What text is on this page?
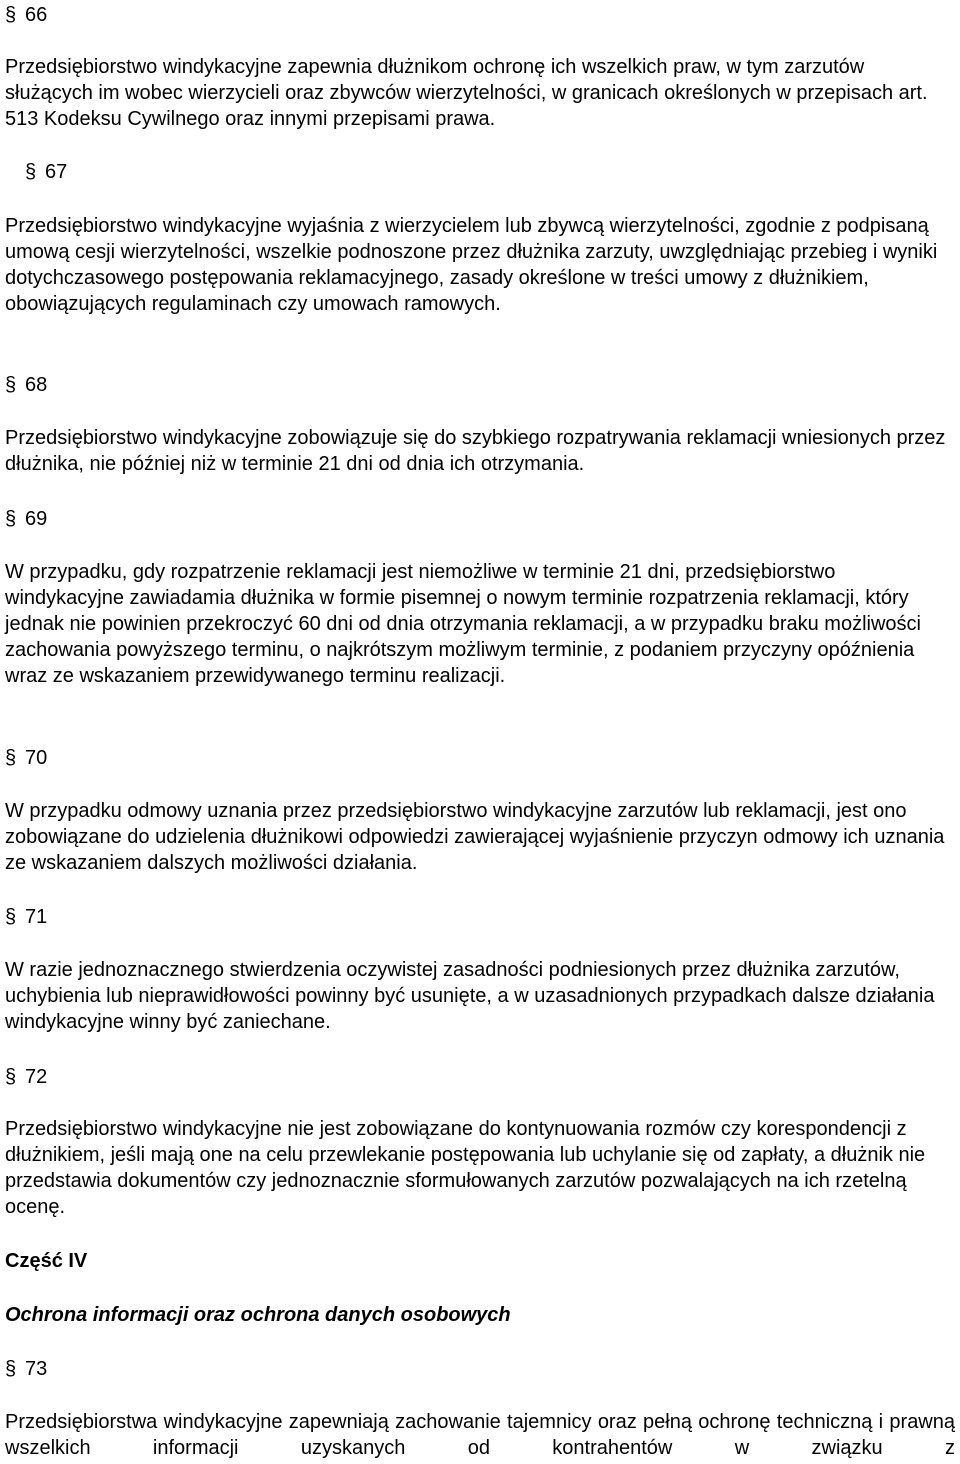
§ 66

Przedsiębiorstwo windykacyjne zapewnia dłużnikom ochronę ich wszelkich praw, w tym zarzutów służących im wobec wierzycieli oraz zbywców wierzytelności, w granicach określonych w przepisach art. 513 Kodeksu Cywilnego oraz innymi przepisami prawa.

§ 67

Przedsiębiorstwo windykacyjne wyjaśnia z wierzycielem lub zbywcą wierzytelności, zgodnie z podpisaną umową cesji wierzytelności, wszelkie podnoszone przez dłużnika zarzuty, uwzględniając przebieg i wyniki dotychczasowego postępowania reklamacyjnego, zasady określone w treści umowy z dłużnikiem, obowiązujących regulaminach czy umowach ramowych.

§ 68

Przedsiębiorstwo windykacyjne zobowiązuje się do szybkiego rozpatrywania reklamacji wniesionych przez dłużnika, nie później niż w terminie 21 dni od dnia ich otrzymania.

§ 69

W przypadku, gdy rozpatrzenie reklamacji jest niemożliwe w terminie 21 dni, przedsiębiorstwo windykacyjne zawiadamia dłużnika w formie pisemnej o nowym terminie rozpatrzenia reklamacji, który jednak nie powinien przekroczyć 60 dni od dnia otrzymania reklamacji, a w przypadku braku możliwości zachowania powyższego terminu, o najkrótszym możliwym terminie, z podaniem przyczyny opóźnienia wraz ze wskazaniem przewidywanego terminu realizacji.

§ 70

W przypadku odmowy uznania przez przedsiębiorstwo windykacyjne zarzutów lub reklamacji, jest ono zobowiązane do udzielenia dłużnikowi odpowiedzi zawierającej wyjaśnienie przyczyn odmowy ich uznania ze wskazaniem dalszych możliwości działania.

§ 71

W razie jednoznacznego stwierdzenia oczywistej zasadności podniesionych przez dłużnika zarzutów, uchybienia lub nieprawidłowości powinny być usunięte, a w uzasadnionych przypadkach dalsze działania windykacyjne winny być zaniechane.

§ 72

Przedsiębiorstwo windykacyjne nie jest zobowiązane do kontynuowania rozmów czy korespondencji z dłużnikiem, jeśli mają one na celu przewlekanie postępowania lub uchylanie się od zapłaty, a dłużnik nie przedstawia dokumentów czy jednoznacznie sformułowanych zarzutów pozwalających na ich rzetelną ocenę.

Część IV

Ochrona informacji oraz ochrona danych osobowych

§ 73

Przedsiębiorstwa windykacyjne zapewniają zachowanie tajemnicy oraz pełną ochronę techniczną i prawną wszelkich informacji uzyskanych od kontrahentów w związku z
